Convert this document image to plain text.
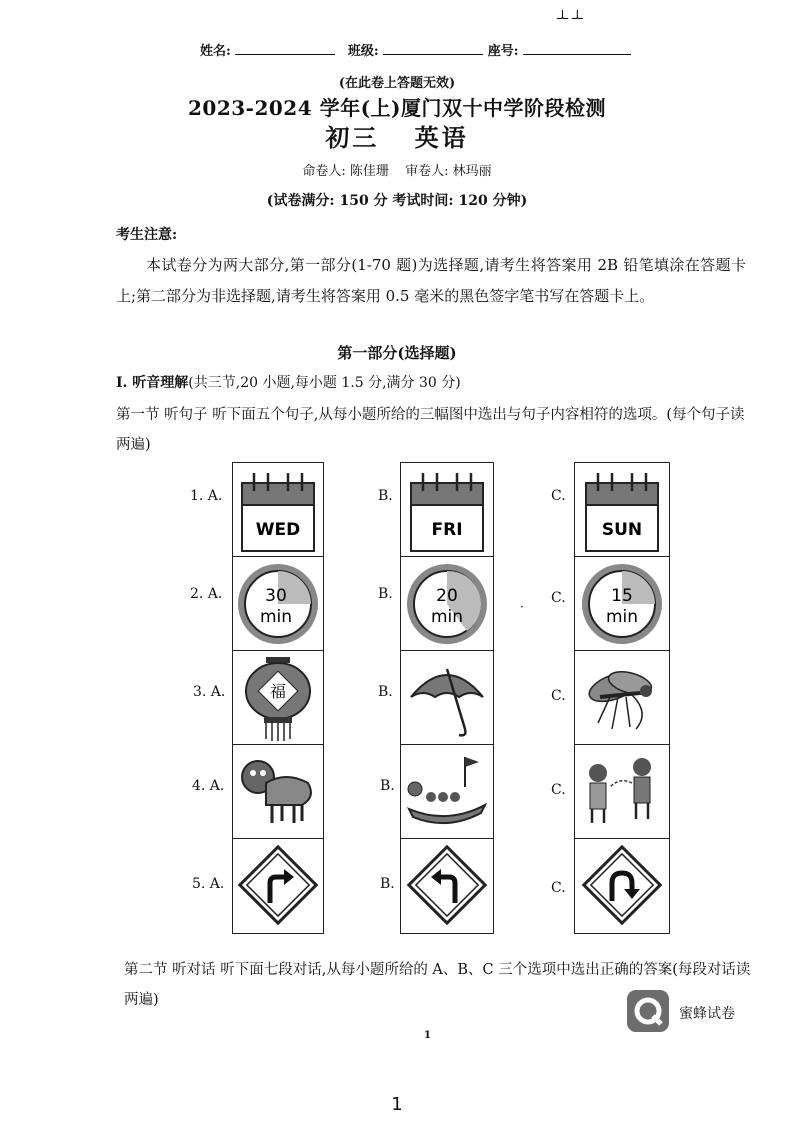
ـلـ ـلـ
姓名:	班级:	座号:
(在此卷上答题无效)
2023-2024 学年(上)厦门双十中学阶段检测
初三 英语
命卷人: 陈佳珊 审卷人: 林玛丽
(试卷满分: 150 分 考试时间: 120 分钟)
考生注意:
本试卷分为两大部分,第一部分(1-70 题)为选择题,请考生将答案用 2B 铅笔填涂在答题卡上;第二部分为非选择题,请考生将答案用 0.5 毫米的黑色签字笔书写在答题卡上。
第一部分(选择题)
I. 听音理解(共三节,20 小题,每小题 1.5 分,满分 30 分)
第一节 听句子 听下面五个句子,从每小题所给的三幅图中选出与句子内容相符的选项。(每个句子读两遍)
1. A.
2. A.
3. A.
4. A.
5. A.
B.
B.
B.
B.
B.
C.
C.
C.
C.
C.
·
WED
30
min
福
FRI
20
min
SUN
15
min
第二节 听对话 听下面七段对话,从每小题所给的 A、B、C 三个选项中选出正确的答案(每段对话读两遍)
蜜蜂试卷
1
1
